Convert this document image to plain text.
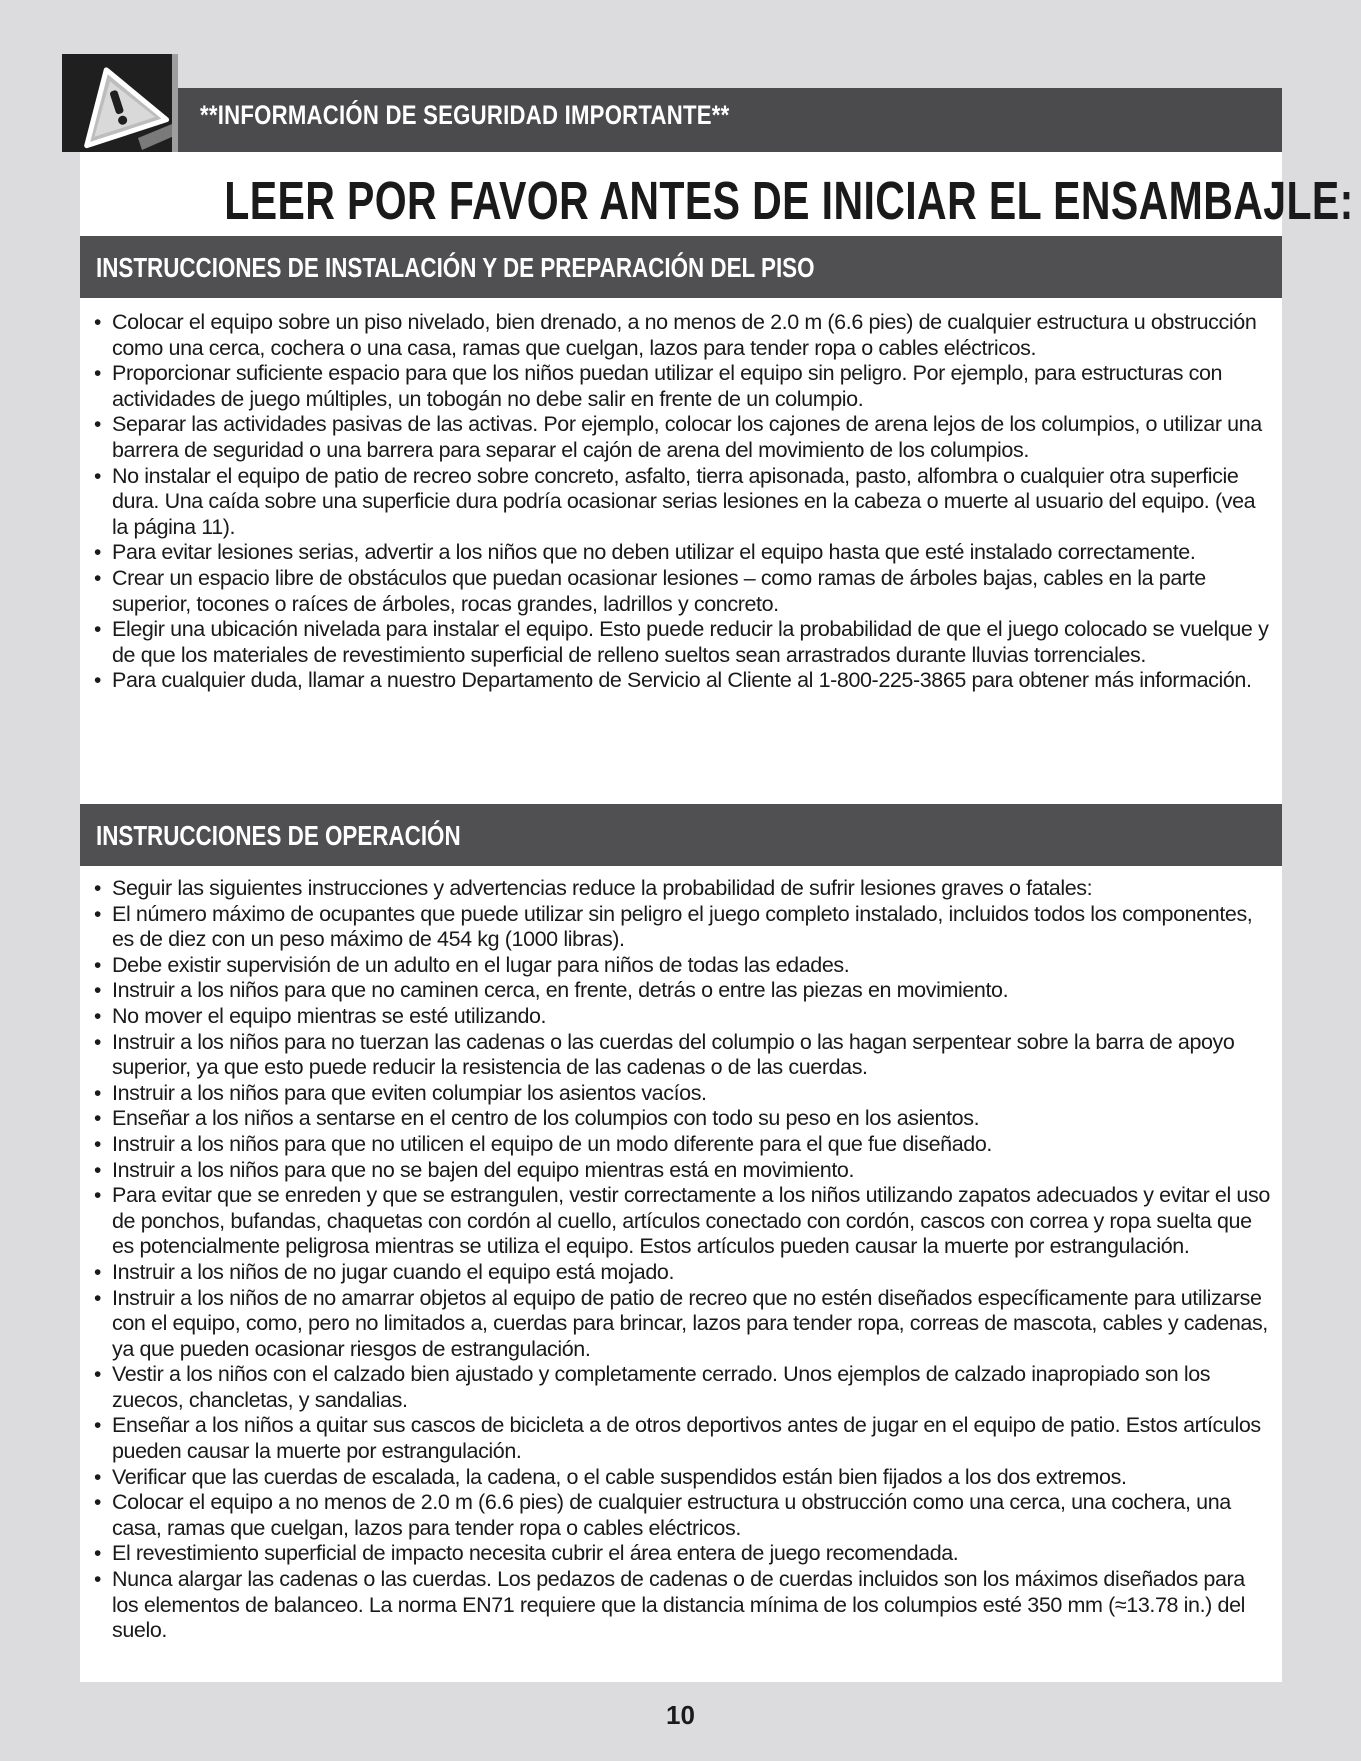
**INFORMACIÓN DE SEGURIDAD IMPORTANTE**
LEER POR FAVOR ANTES DE INICIAR EL ENSAMBAJLE:
INSTRUCCIONES DE INSTALACIÓN Y DE PREPARACIÓN DEL PISO
• Colocar el equipo sobre un piso nivelado, bien drenado, a no menos de 2.0 m (6.6 pies) de cualquier estructura u obstrucción como una cerca, cochera o una casa, ramas que cuelgan, lazos para tender ropa o cables eléctricos.
• Proporcionar suficiente espacio para que los niños puedan utilizar el equipo sin peligro. Por ejemplo, para estructuras con actividades de juego múltiples, un tobogán no debe salir en frente de un columpio.
• Separar las actividades pasivas de las activas. Por ejemplo, colocar los cajones de arena lejos de los columpios, o utilizar una barrera de seguridad o una barrera para separar el cajón de arena del movimiento de los columpios.
• No instalar el equipo de patio de recreo sobre concreto, asfalto, tierra apisonada, pasto, alfombra o cualquier otra superficie dura. Una caída sobre una superficie dura podría ocasionar serias lesiones en la cabeza o muerte al usuario del equipo. (vea la página 11).
• Para evitar lesiones serias, advertir a los niños que no deben utilizar el equipo hasta que esté instalado correctamente.
• Crear un espacio libre de obstáculos que puedan ocasionar lesiones – como ramas de árboles bajas, cables en la parte superior, tocones o raíces de árboles, rocas grandes, ladrillos y concreto.
• Elegir una ubicación nivelada para instalar el equipo. Esto puede reducir la probabilidad de que el juego colocado se vuelque y de que los materiales de revestimiento superficial de relleno sueltos sean arrastrados durante lluvias torrenciales.
• Para cualquier duda, llamar a nuestro Departamento de Servicio al Cliente al 1-800-225-3865 para obtener más información.
INSTRUCCIONES DE OPERACIÓN
• Seguir las siguientes instrucciones y advertencias reduce la probabilidad de sufrir lesiones graves o fatales:
• El número máximo de ocupantes que puede utilizar sin peligro el juego completo instalado, incluidos todos los componentes, es de diez con un peso máximo de 454 kg (1000 libras).
• Debe existir supervisión de un adulto en el lugar para niños de todas las edades.
• Instruir a los niños para que no caminen cerca, en frente, detrás o entre las piezas en movimiento.
• No mover el equipo mientras se esté utilizando.
• Instruir a los niños para no tuerzan las cadenas o las cuerdas del columpio o las hagan serpentear sobre la barra de apoyo superior, ya que esto puede reducir la resistencia de las cadenas o de las cuerdas.
• Instruir a los niños para que eviten columpiar los asientos vacíos.
• Enseñar a los niños a sentarse en el centro de los columpios con todo su peso en los asientos.
• Instruir a los niños para que no utilicen el equipo de un modo diferente para el que fue diseñado.
• Instruir a los niños para que no se bajen del equipo mientras está en movimiento.
• Para evitar que se enreden y que se estrangulen, vestir correctamente a los niños utilizando zapatos adecuados y evitar el uso de ponchos, bufandas, chaquetas con cordón al cuello, artículos conectado con cordón, cascos con correa y ropa suelta que es potencialmente peligrosa mientras se utiliza el equipo. Estos artículos pueden causar la muerte por estrangulación.
• Instruir a los niños de no jugar cuando el equipo está mojado.
• Instruir a los niños de no amarrar objetos al equipo de patio de recreo que no estén diseñados específicamente para utilizarse con el equipo, como, pero no limitados a, cuerdas para brincar, lazos para tender ropa, correas de mascota, cables y cadenas, ya que pueden ocasionar riesgos de estrangulación.
• Vestir a los niños con el calzado bien ajustado y completamente cerrado. Unos ejemplos de calzado inapropiado son los zuecos, chancletas, y sandalias.
• Enseñar a los niños a quitar sus cascos de bicicleta a de otros deportivos antes de jugar en el equipo de patio. Estos artículos pueden causar la muerte por estrangulación.
• Verificar que las cuerdas de escalada, la cadena, o el cable suspendidos están bien fijados a los dos extremos.
• Colocar el equipo a no menos de 2.0 m (6.6 pies) de cualquier estructura u obstrucción como una cerca, una cochera, una casa, ramas que cuelgan, lazos para tender ropa o cables eléctricos.
• El revestimiento superficial de impacto necesita cubrir el área entera de juego recomendada.
• Nunca alargar las cadenas o las cuerdas. Los pedazos de cadenas o de cuerdas incluidos son los máximos diseñados para los elementos de balanceo. La norma EN71 requiere que la distancia mínima de los columpios esté 350 mm (≈13.78 in.) del suelo.
10
